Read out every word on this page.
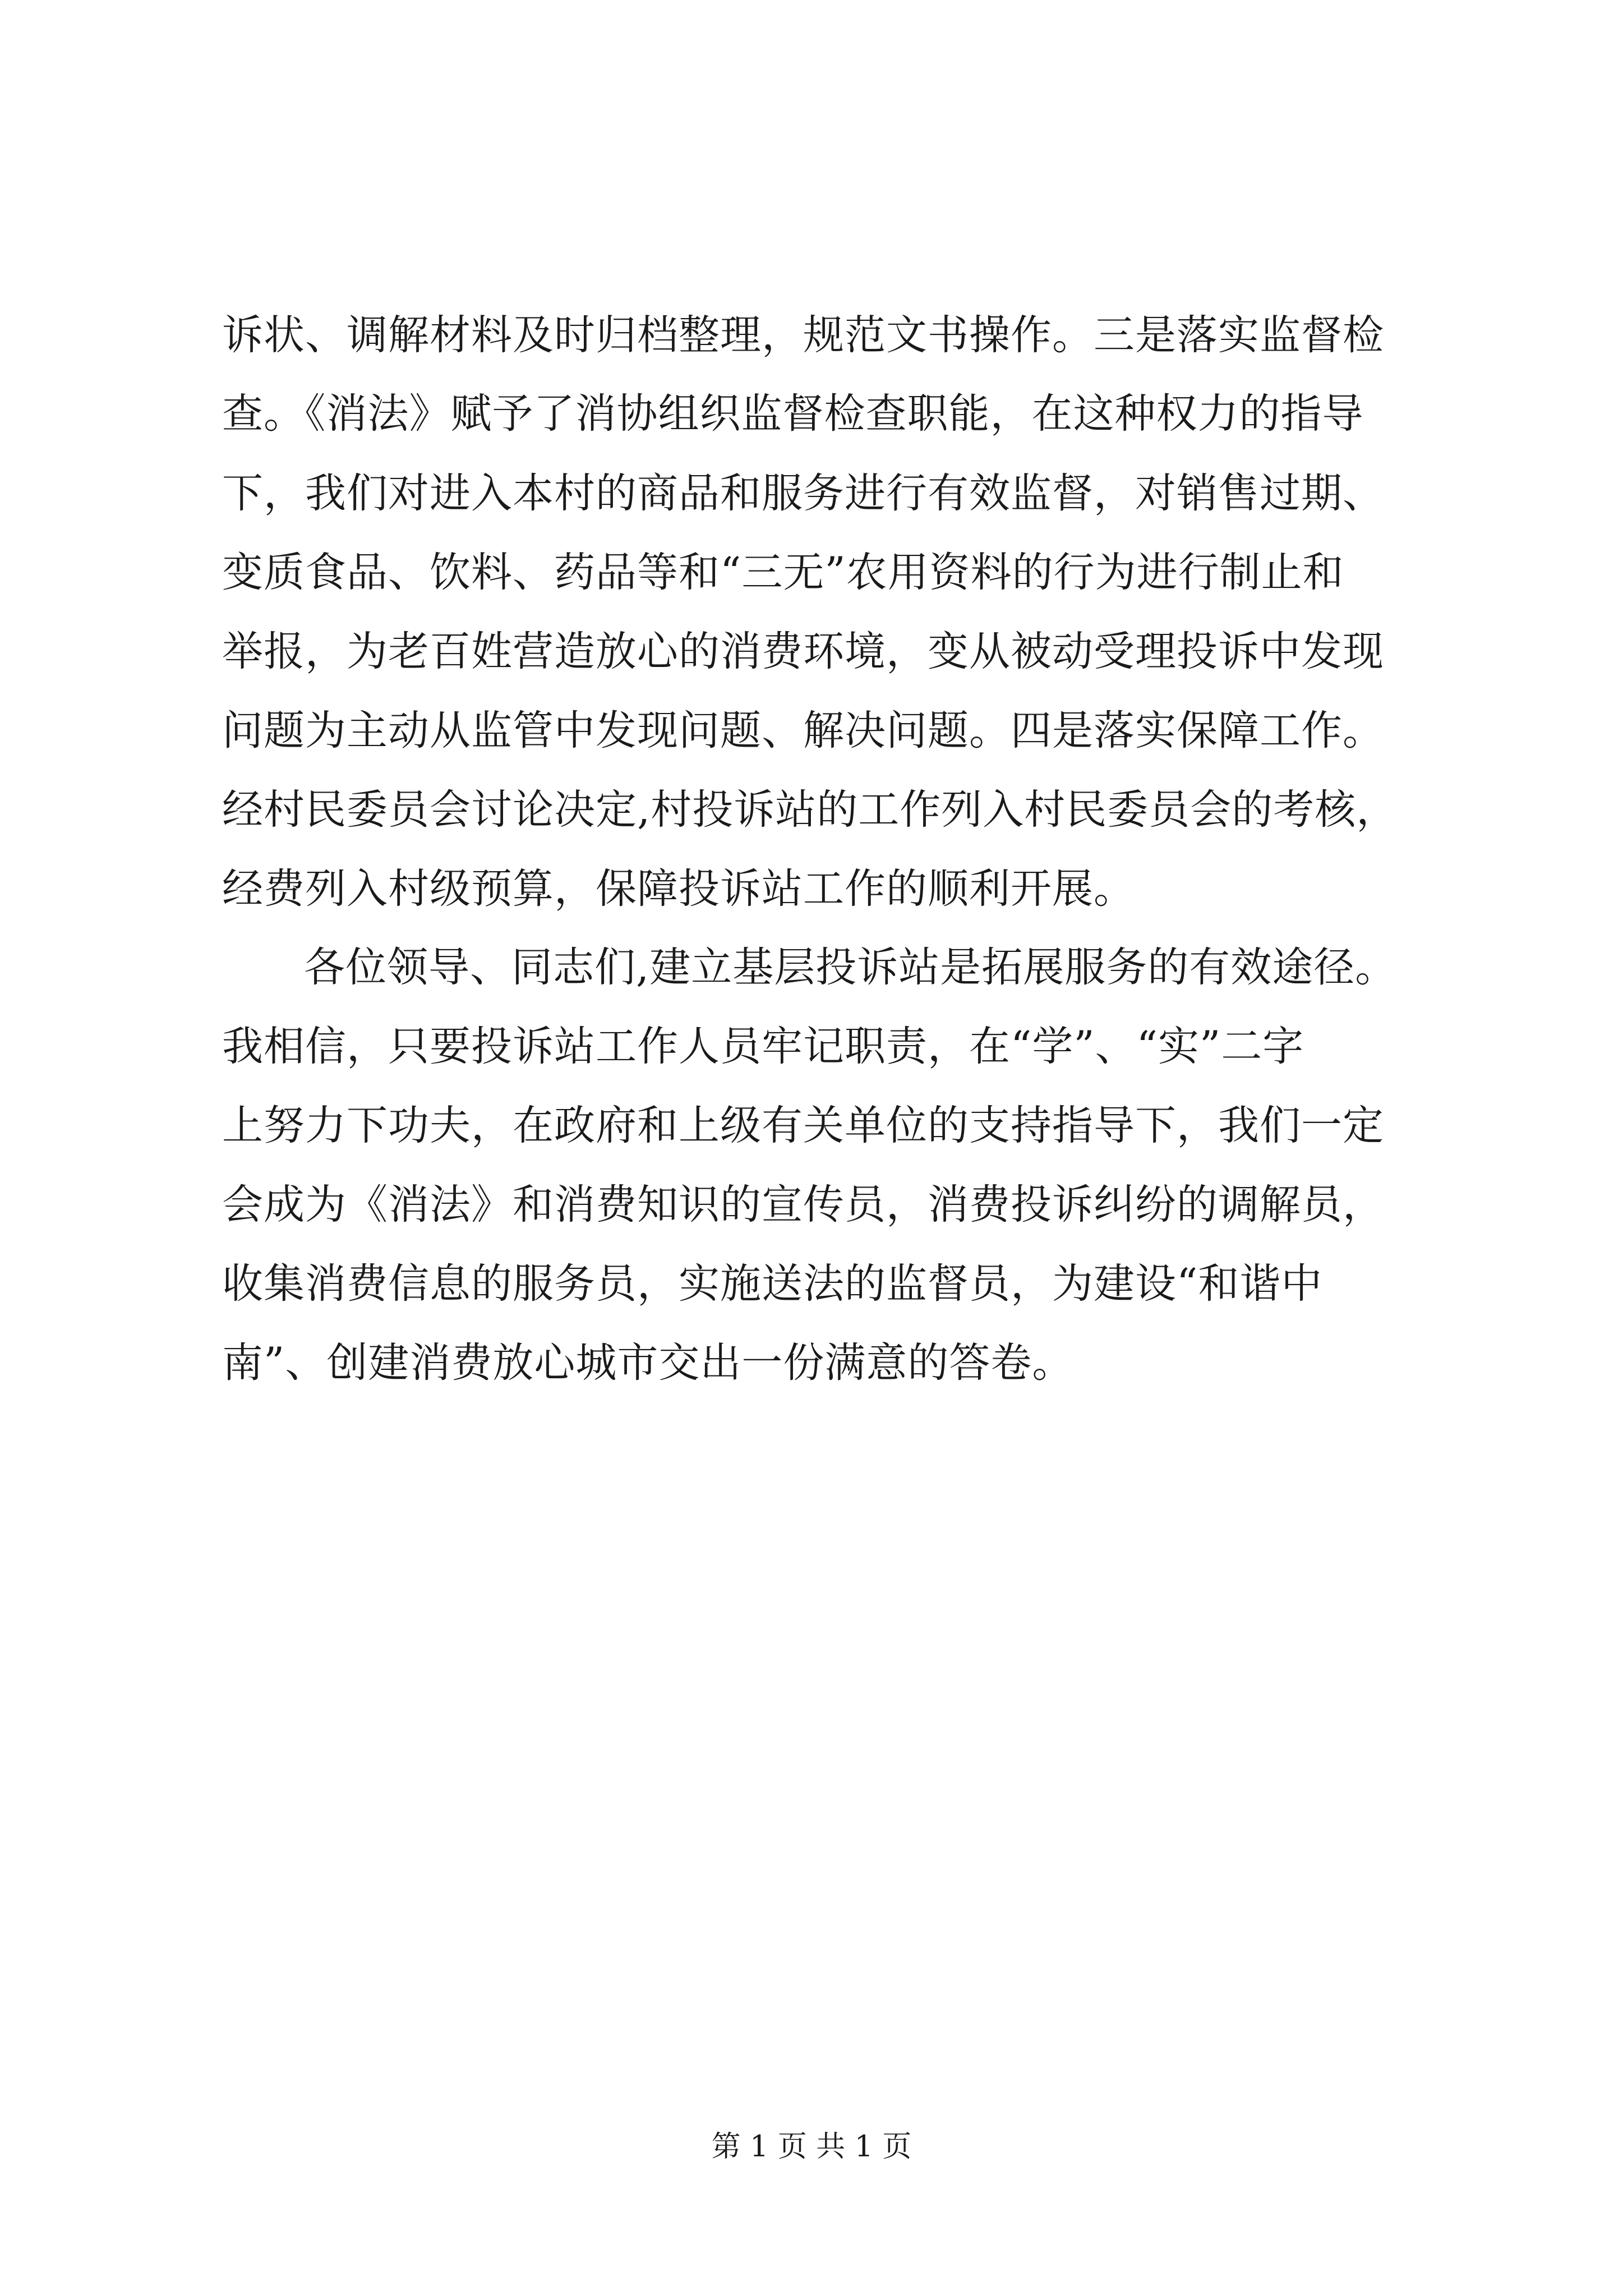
诉状、调解材料及时归档整理，规范文书操作。三是落实监督检
查。《消法》赋予了消协组织监督检查职能，在这种权力的指导
下，我们对进入本村的商品和服务进行有效监督，对销售过期、
变质食品、饮料、药品等和“三无”农用资料的行为进行制止和
举报，为老百姓营造放心的消费环境，变从被动受理投诉中发现
问题为主动从监管中发现问题、解决问题。四是落实保障工作。
经村民委员会讨论决定,村投诉站的工作列入村民委员会的考核，
经费列入村级预算，保障投诉站工作的顺利开展。
各位领导、同志们,建立基层投诉站是拓展服务的有效途径。
我相信，只要投诉站工作人员牢记职责，在“学”、“实”二字
上努力下功夫，在政府和上级有关单位的支持指导下，我们一定
会成为《消法》和消费知识的宣传员，消费投诉纠纷的调解员，
收集消费信息的服务员，实施送法的监督员，为建设“和谐中
南”、创建消费放心城市交出一份满意的答卷。
第 1 页 共 1 页
